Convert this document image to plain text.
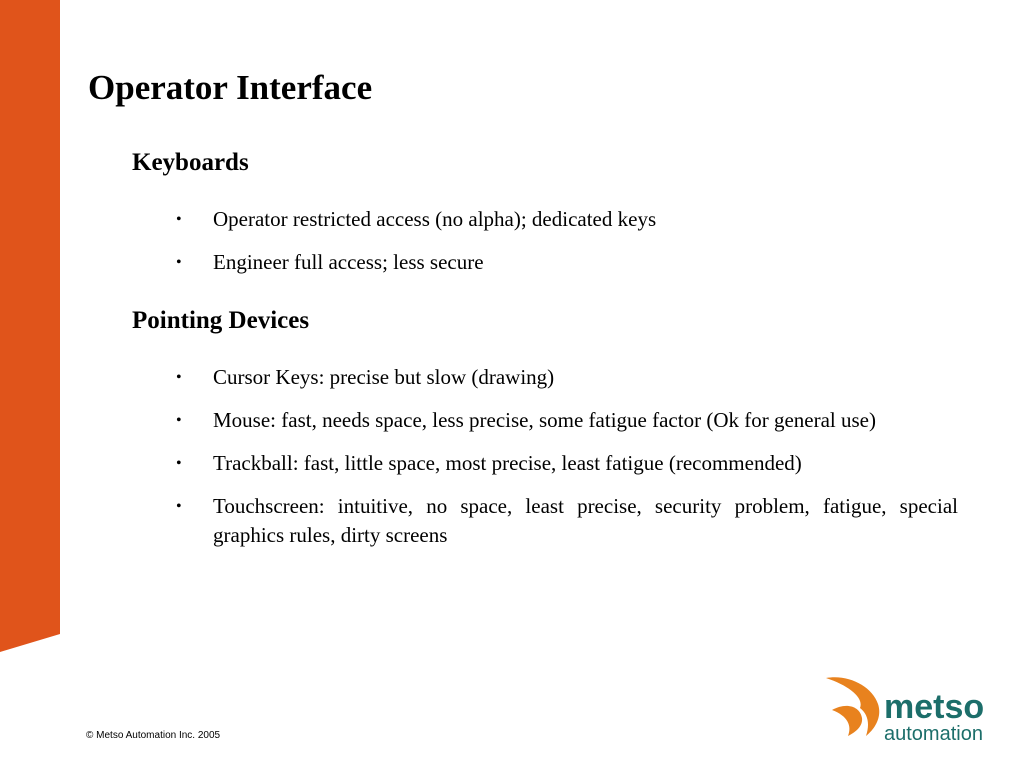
Operator Interface
Keyboards
• Operator restricted access (no alpha); dedicated keys
• Engineer full access; less secure
Pointing Devices
• Cursor Keys: precise but slow (drawing)
• Mouse: fast, needs space, less precise, some fatigue factor (Ok for general use)
• Trackball: fast, little space, most precise, least fatigue (recommended)
• Touchscreen: intuitive, no space, least precise, security problem, fatigue, special graphics rules, dirty screens
© Metso Automation Inc. 2005
metso
automation
